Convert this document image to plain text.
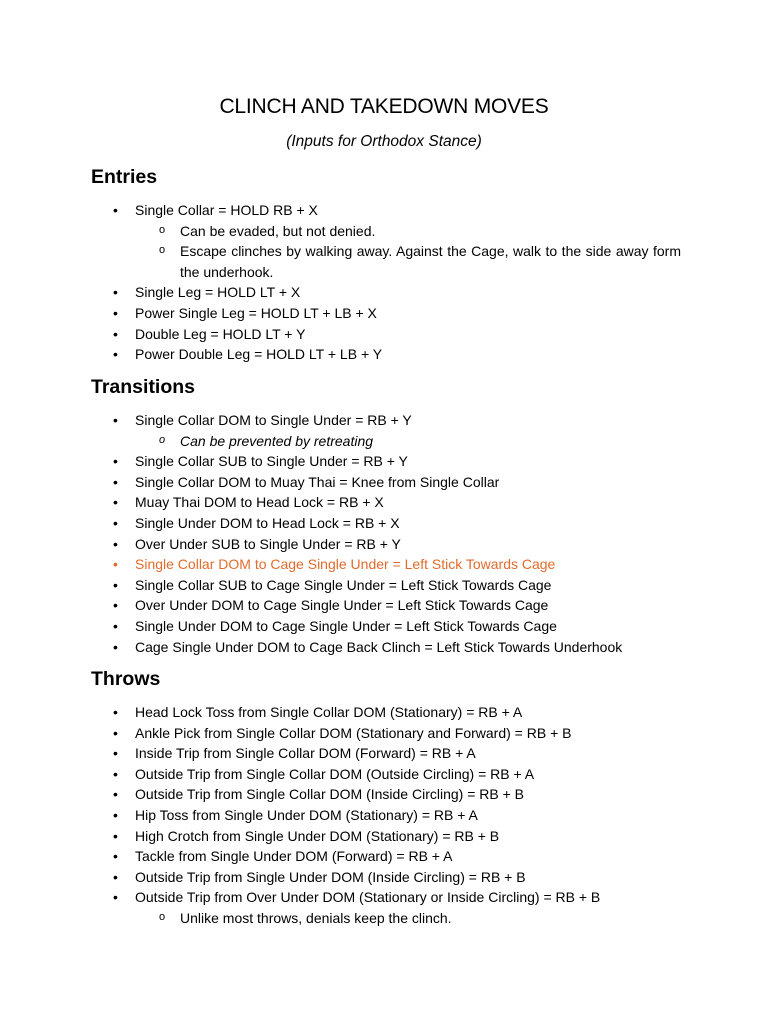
CLINCH AND TAKEDOWN MOVES
(Inputs for Orthodox Stance)
Entries
• Single Collar = HOLD RB + X
o Can be evaded, but not denied.
o Escape clinches by walking away. Against the Cage, walk to the side away form the underhook.
• Single Leg = HOLD LT + X
• Power Single Leg = HOLD LT + LB + X
• Double Leg = HOLD LT + Y
• Power Double Leg = HOLD LT + LB + Y
Transitions
• Single Collar DOM to Single Under = RB + Y
o Can be prevented by retreating
• Single Collar SUB to Single Under = RB + Y
• Single Collar DOM to Muay Thai = Knee from Single Collar
• Muay Thai DOM to Head Lock = RB + X
• Single Under DOM to Head Lock = RB + X
• Over Under SUB to Single Under = RB + Y
• Single Collar DOM to Cage Single Under = Left Stick Towards Cage
• Single Collar SUB to Cage Single Under = Left Stick Towards Cage
• Over Under DOM to Cage Single Under = Left Stick Towards Cage
• Single Under DOM to Cage Single Under = Left Stick Towards Cage
• Cage Single Under DOM to Cage Back Clinch = Left Stick Towards Underhook
Throws
• Head Lock Toss from Single Collar DOM (Stationary) = RB + A
• Ankle Pick from Single Collar DOM (Stationary and Forward) = RB + B
• Inside Trip from Single Collar DOM (Forward) = RB + A
• Outside Trip from Single Collar DOM (Outside Circling) = RB + A
• Outside Trip from Single Collar DOM (Inside Circling) = RB + B
• Hip Toss from Single Under DOM (Stationary) = RB + A
• High Crotch from Single Under DOM (Stationary) = RB + B
• Tackle from Single Under DOM (Forward) = RB + A
• Outside Trip from Single Under DOM (Inside Circling) = RB + B
• Outside Trip from Over Under DOM (Stationary or Inside Circling) = RB + B
o Unlike most throws, denials keep the clinch.
